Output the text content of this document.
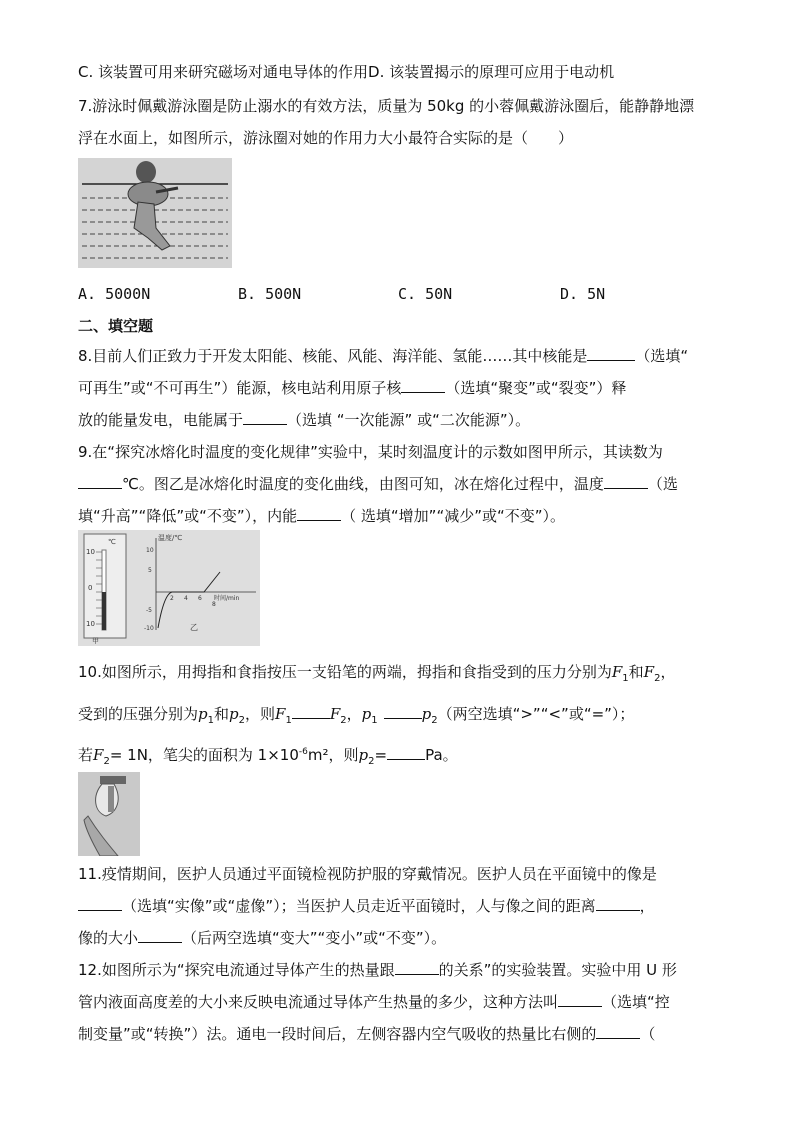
C. 该装置可用来研究磁场对通电导体的作用D. 该装置揭示的原理可应用于电动机
7.游泳时佩戴游泳圈是防止溺水的有效方法，质量为 50kg 的小蓉佩戴游泳圈后，能静静地漂
浮在水面上，如图所示，游泳圈对她的作用力大小最符合实际的是（　　）
A. 5000N	B. 500N	C. 50N	D. 5N
二、填空题
8.目前人们正致力于开发太阳能、核能、风能、海洋能、氢能……其中核能是	（选填“
可再生”或“不可再生”）能源，核电站利用原子核	（选填“聚变”或“裂变”）释
放的能量发电，电能属于	（选填 “一次能源” 或“二次能源”）。
9.在“探究冰熔化时温度的变化规律”实验中，某时刻温度计的示数如图甲所示，其读数为
℃。图乙是冰熔化时温度的变化曲线，由图可知，冰在熔化过程中，温度	（选
填“升高”“降低”或“不变”），内能	（ 选填“增加”“减少”或“不变”）。
℃
10
0
10
甲
温度/℃
时间/min
2 4 6
8
10
5
-5
-10	乙
10.如图所示，用拇指和食指按压一支铅笔的两端，拇指和食指受到的压力分别为$F_1$和$F_2$，
受到的压强分别为$p_1$和$p_2$，则$F_1$	$F_2$，$p_1$	$p_2$（两空选填“>”“<”或“=”）；
若$F_2= 1N$，笔尖的面积为 $1\times 10^{-6}m^2$，则$p_2=$	Pa。
11.疫情期间，医护人员通过平面镜检视防护服的穿戴情况。医护人员在平面镜中的像是
（选填“实像”或“虚像”）；当医护人员走近平面镜时，人与像之间的距离	，
像的大小	（后两空选填“变大”“变小”或“不变”）。
12.如图所示为“探究电流通过导体产生的热量跟	的关系”的实验装置。实验中用 U 形
管内液面高度差的大小来反映电流通过导体产生热量的多少，这种方法叫	（选填“控
制变量”或“转换”）法。通电一段时间后，左侧容器内空气吸收的热量比右侧的	（
